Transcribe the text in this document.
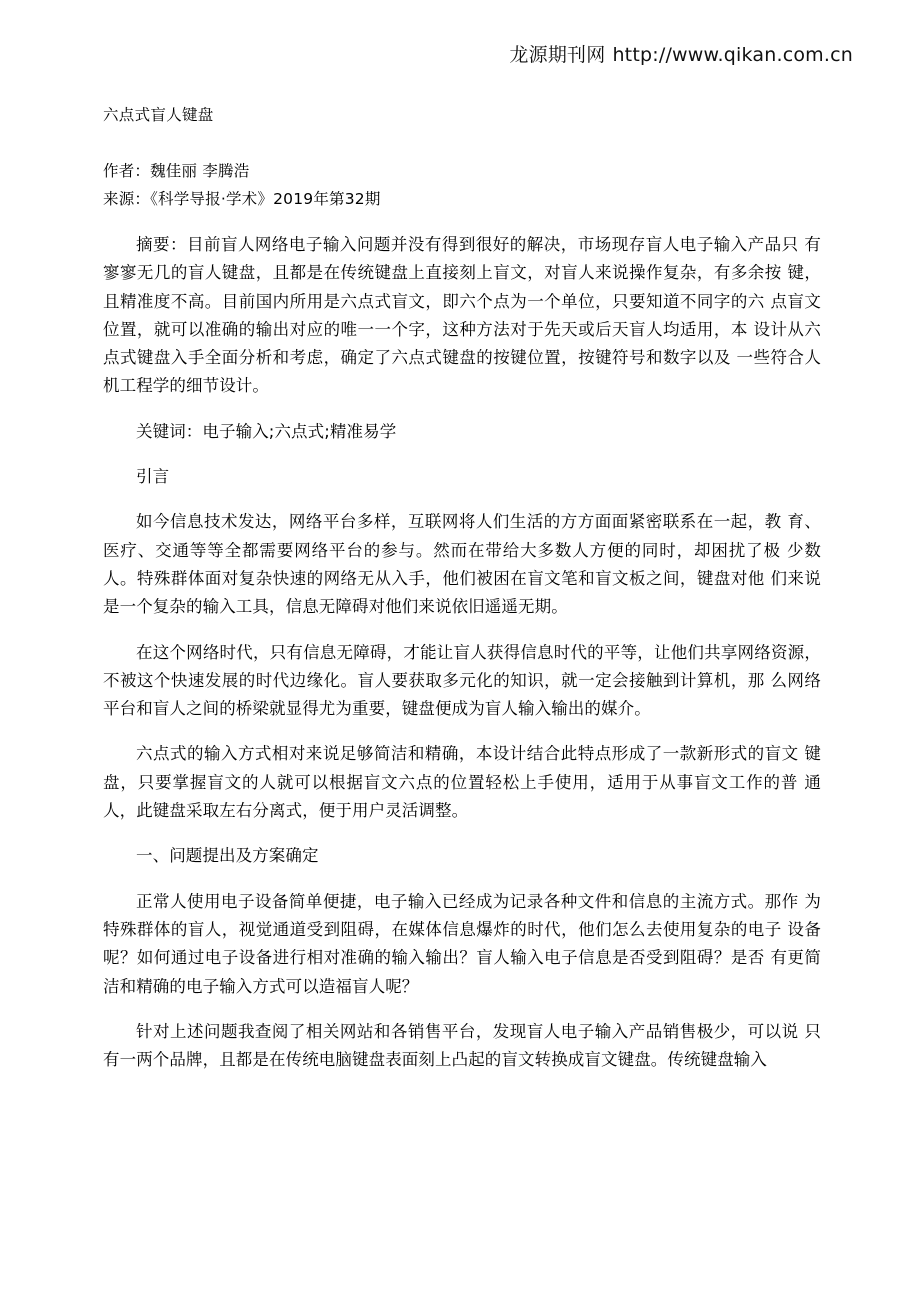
龙源期刊网 http://www.qikan.com.cn

六点式盲人键盘

作者：魏佳丽 李腾浩

来源：《科学导报·学术》2019年第32期

摘要：目前盲人网络电子输入问题并没有得到很好的解决，市场现存盲人电子输入产品只 有寥寥无几的盲人键盘，且都是在传统键盘上直接刻上盲文，对盲人来说操作复杂，有多余按 键，且精准度不高。目前国内所用是六点式盲文，即六个点为一个单位，只要知道不同字的六 点盲文位置，就可以准确的输出对应的唯一一个字，这种方法对于先天或后天盲人均适用，本 设计从六点式键盘入手全面分析和考虑，确定了六点式键盘的按键位置，按键符号和数字以及 一些符合人机工程学的细节设计。

关键词：电子输入;六点式;精准易学

引言

如今信息技术发达，网络平台多样，互联网将人们生活的方方面面紧密联系在一起，教 育、医疗、交通等等全都需要网络平台的参与。然而在带给大多数人方便的同时，却困扰了极 少数人。特殊群体面对复杂快速的网络无从入手，他们被困在盲文笔和盲文板之间，键盘对他 们来说是一个复杂的输入工具，信息无障碍对他们来说依旧遥遥无期。

在这个网络时代，只有信息无障碍，才能让盲人获得信息时代的平等，让他们共享网络资源，不被这个快速发展的时代边缘化。盲人要获取多元化的知识，就一定会接触到计算机，那 么网络平台和盲人之间的桥梁就显得尤为重要，键盘便成为盲人输入输出的媒介。

六点式的输入方式相对来说足够简洁和精确，本设计结合此特点形成了一款新形式的盲文 键盘，只要掌握盲文的人就可以根据盲文六点的位置轻松上手使用，适用于从事盲文工作的普 通人，此键盘采取左右分离式，便于用户灵活调整。

一、问题提出及方案确定

正常人使用电子设备简单便捷，电子输入已经成为记录各种文件和信息的主流方式。那作 为特殊群体的盲人，视觉通道受到阻碍，在媒体信息爆炸的时代，他们怎么去使用复杂的电子 设备呢？如何通过电子设备进行相对准确的输入输出？盲人输入电子信息是否受到阻碍？是否 有更简洁和精确的电子输入方式可以造福盲人呢？

针对上述问题我查阅了相关网站和各销售平台，发现盲人电子输入产品销售极少，可以说 只有一两个品牌，且都是在传统电脑键盘表面刻上凸起的盲文转换成盲文键盘。传统键盘输入
